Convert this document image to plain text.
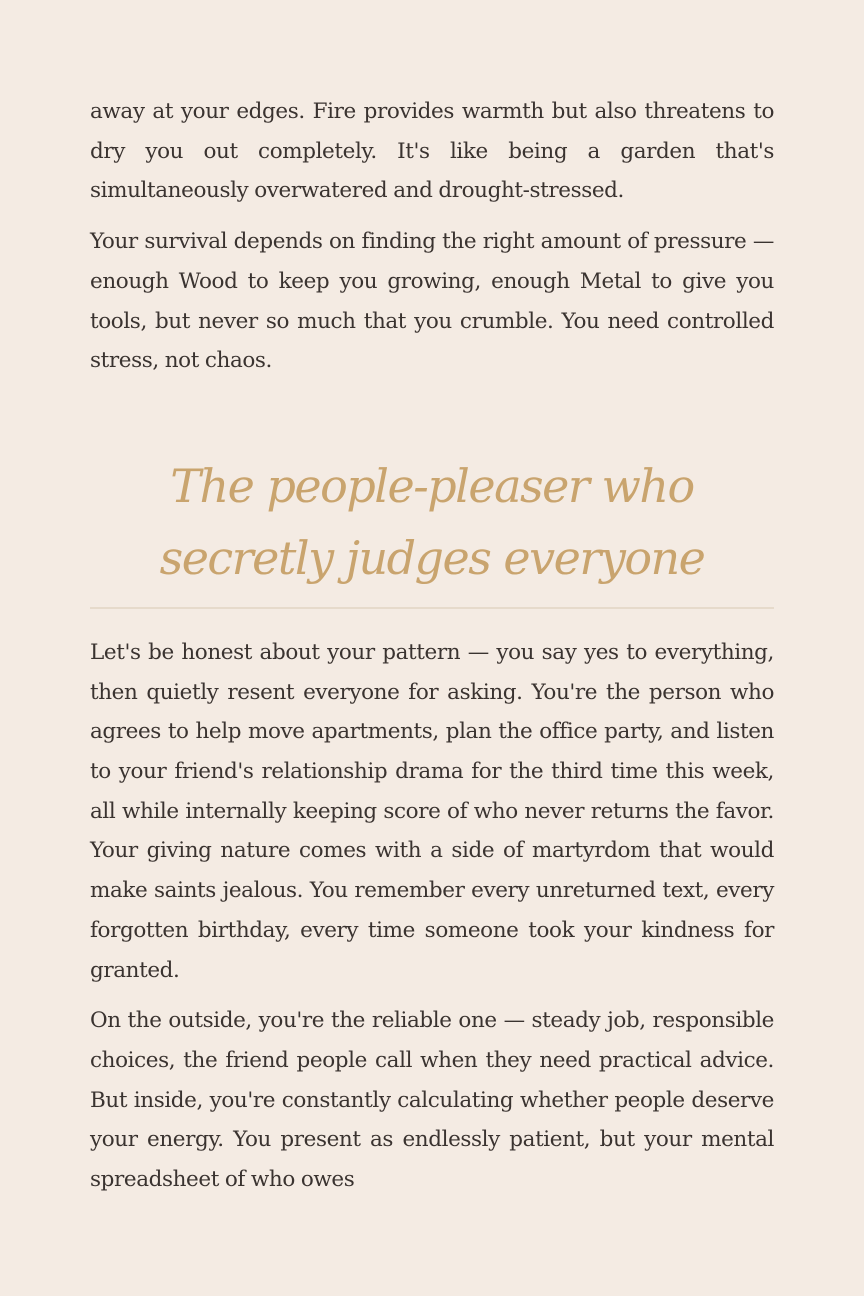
away at your edges. Fire provides warmth but also threatens to dry you out completely. It's like being a garden that's simultaneously overwatered and drought-stressed.

Your survival depends on finding the right amount of pressure — enough Wood to keep you growing, enough Metal to give you tools, but never so much that you crumble. You need controlled stress, not chaos.

The people-pleaser who secretly judges everyone

Let's be honest about your pattern — you say yes to everything, then quietly resent everyone for asking. You're the person who agrees to help move apartments, plan the office party, and listen to your friend's relationship drama for the third time this week, all while internally keeping score of who never returns the favor. Your giving nature comes with a side of martyrdom that would make saints jealous. You remember every unreturned text, every forgotten birthday, every time someone took your kindness for granted.

On the outside, you're the reliable one — steady job, responsible choices, the friend people call when they need practical advice. But inside, you're constantly calculating whether people deserve your energy. You present as endlessly patient, but your mental spreadsheet of who owes
